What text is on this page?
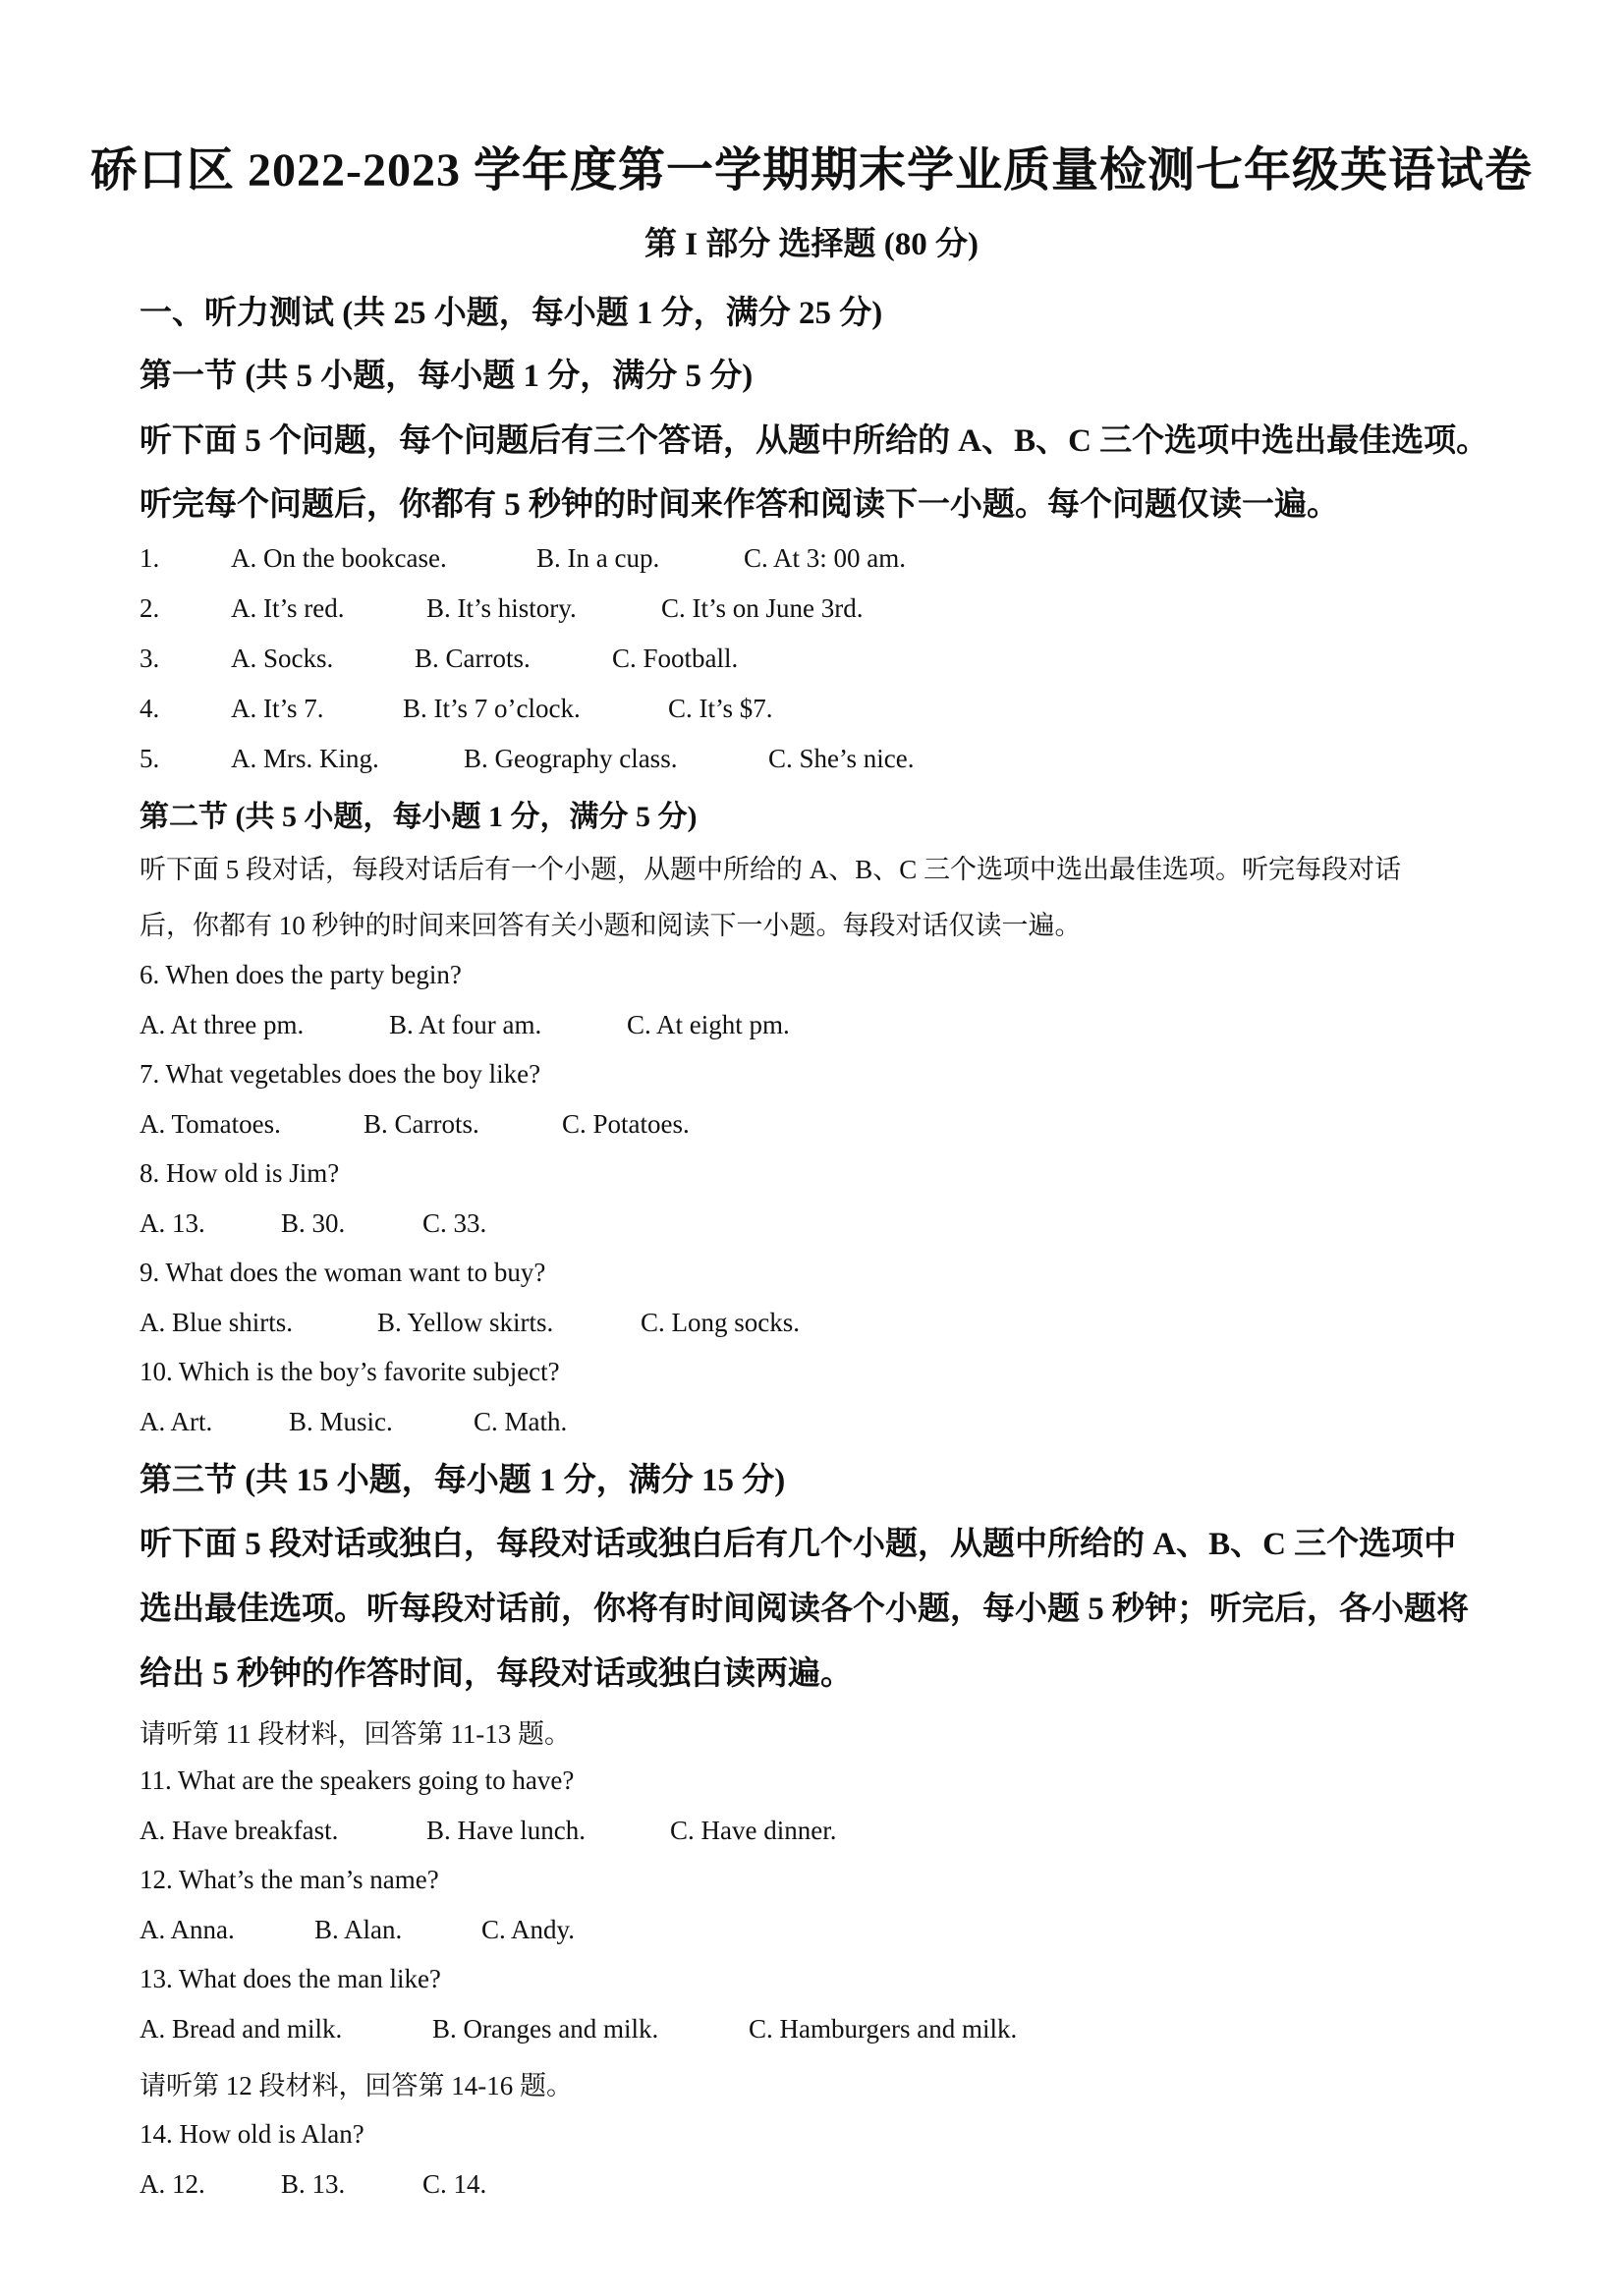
硚口区 2022-2023 学年度第一学期期末学业质量检测七年级英语试卷
第 I 部分 选择题 (80 分)
一、听力测试 (共 25 小题，每小题 1 分，满分 25 分)
第一节 (共 5 小题，每小题 1 分，满分 5 分)
听下面 5 个问题，每个问题后有三个答语，从题中所给的 A、B、C 三个选项中选出最佳选项。
听完每个问题后，你都有 5 秒钟的时间来作答和阅读下一小题。每个问题仅读一遍。
1.	A. On the bookcase.	B. In a cup.	C. At 3: 00 am.
2.	A. It’s red.	B. It’s history.	C. It’s on June 3rd.
3.	A. Socks.	B. Carrots.	C. Football.
4.	A. It’s 7.	B. It’s 7 o’clock.	C. It’s $7.
5.	A. Mrs. King.	B. Geography class.	C. She’s nice.
第二节 (共 5 小题，每小题 1 分，满分 5 分)
听下面 5 段对话，每段对话后有一个小题，从题中所给的 A、B、C 三个选项中选出最佳选项。听完每段对话
后，你都有 10 秒钟的时间来回答有关小题和阅读下一小题。每段对话仅读一遍。
6. When does the party begin?
A. At three pm.	B. At four am.	C. At eight pm.
7. What vegetables does the boy like?
A. Tomatoes.	B. Carrots.	C. Potatoes.
8. How old is Jim?
A. 13.	B. 30.	C. 33.
9. What does the woman want to buy?
A. Blue shirts.	B. Yellow skirts.	C. Long socks.
10. Which is the boy’s favorite subject?
A. Art.	B. Music.	C. Math.
第三节 (共 15 小题，每小题 1 分，满分 15 分)
听下面 5 段对话或独白，每段对话或独白后有几个小题，从题中所给的 A、B、C 三个选项中
选出最佳选项。听每段对话前，你将有时间阅读各个小题，每小题 5 秒钟；听完后，各小题将
给出 5 秒钟的作答时间，每段对话或独白读两遍。
请听第 11 段材料，回答第 11-13 题。
11. What are the speakers going to have?
A. Have breakfast.	B. Have lunch.	C. Have dinner.
12. What’s the man’s name?
A. Anna.	B. Alan.	C. Andy.
13. What does the man like?
A. Bread and milk.	B. Oranges and milk.	C. Hamburgers and milk.
请听第 12 段材料，回答第 14-16 题。
14. How old is Alan?
A. 12.	B. 13.	C. 14.
